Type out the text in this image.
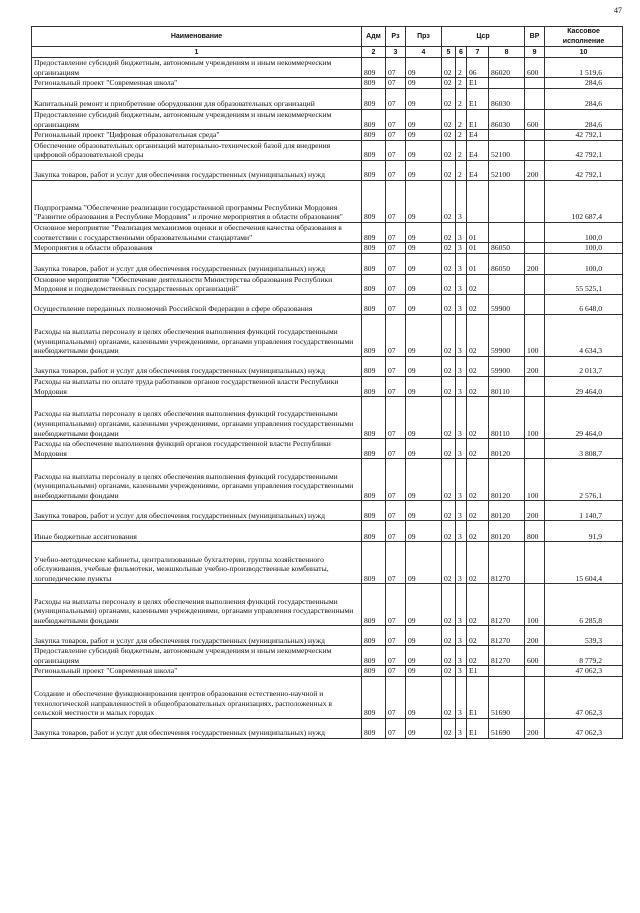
47
Наименование	Адм	Рз	Прз	Цср				ВР	Кассовое исполнение
1	2	3	4	5	6	7	8	9	10
Предоставление субсидий бюджетным, автономным учреждениям и иным некоммерческим организациям	809	07	09	02	2	06	86020	600	1 519,6
Региональный проект "Современная школа"	809	07	09	02	2	E1			284,6
Капитальный ремонт и приобретение оборудования для образовательных организаций	809	07	09	02	2	E1	86030		284,6
Предоставление субсидий бюджетным, автономным учреждениям и иным некоммерческим организациям	809	07	09	02	2	E1	86030	600	284,6
Региональный проект "Цифровая образовательная среда"	809	07	09	02	2	E4			42 792,1
Обеспечение образовательных организаций материально-технической базой для внедрения цифровой образовательной среды	809	07	09	02	2	E4	52100		42 792,1
Закупка товаров, работ и услуг для обеспечения государственных (муниципальных) нужд	809	07	09	02	2	E4	52100	200	42 792,1
Подпрограмма "Обеспечение реализации государственной программы Республики Мордовия "Развитие образования в Республике Мордовия" и прочие мероприятия в области образования"	809	07	09	02	3				102 687,4
Основное мероприятие "Реализация механизмов оценки и обеспечения качества образования в соответствии с государственными образовательными стандартами"	809	07	09	02	3	01			100,0
Мероприятия в области образования	809	07	09	02	3	01	86050		100,0
Закупка товаров, работ и услуг для обеспечения государственных (муниципальных) нужд	809	07	09	02	3	01	86050	200	100,0
Основное мероприятие "Обеспечение деятельности Министерства образования Республики Мордовия и подведомственных государственных организаций"	809	07	09	02	3	02			55 525,1
Осуществление переданных полномочий Российской Федерации в сфере образования	809	07	09	02	3	02	59900		6 648,0
Расходы на выплаты персоналу в целях обеспечения выполнения функций государственными (муниципальными) органами, казенными учреждениями, органами управления государственными внебюджетными фондами	809	07	09	02	3	02	59900	100	4 634,3
Закупка товаров, работ и услуг для обеспечения государственных (муниципальных) нужд	809	07	09	02	3	02	59900	200	2 013,7
Расходы на выплаты по оплате труда работников органов государственной власти Республики Мордовия	809	07	09	02	3	02	80110		29 464,0
Расходы на выплаты персоналу в целях обеспечения выполнения функций государственными (муниципальными) органами, казенными учреждениями, органами управления государственными внебюджетными фондами	809	07	09	02	3	02	80110	100	29 464,0
Расходы на обеспечение выполнения функций органов государственной власти Республики Мордовия	809	07	09	02	3	02	80120		3 808,7
Расходы на выплаты персоналу в целях обеспечения выполнения функций государственными (муниципальными) органами, казенными учреждениями, органами управления государственными внебюджетными фондами	809	07	09	02	3	02	80120	100	2 576,1
Закупка товаров, работ и услуг для обеспечения государственных (муниципальных) нужд	809	07	09	02	3	02	80120	200	1 140,7
Иные бюджетные ассигнования	809	07	09	02	3	02	80120	800	91,9
Учебно-методические кабинеты, централизованные бухгалтерии, группы хозяйственного обслуживания, учебные фильмотеки, межшкольные учебно-производственные комбинаты, логопедические пункты	809	07	09	02	3	02	81270		15 604,4
Расходы на выплаты персоналу в целях обеспечения выполнения функций государственными (муниципальными) органами, казенными учреждениями, органами управления государственными внебюджетными фондами	809	07	09	02	3	02	81270	100	6 285,8
Закупка товаров, работ и услуг для обеспечения государственных (муниципальных) нужд	809	07	09	02	3	02	81270	200	539,3
Предоставление субсидий бюджетным, автономным учреждениям и иным некоммерческим организациям	809	07	09	02	3	02	81270	600	8 779,2
Региональный проект "Современная школа"	809	07	09	02	3	E1			47 062,3
Создание и обеспечение функционирования центров образования естественно-научной и технологической направленностей в общеобразовательных организациях, расположенных в сельской местности и малых городах	809	07	09	02	3	E1	51690		47 062,3
Закупка товаров, работ и услуг для обеспечения государственных (муниципальных) нужд	809	07	09	02	3	E1	51690	200	47 062,3
